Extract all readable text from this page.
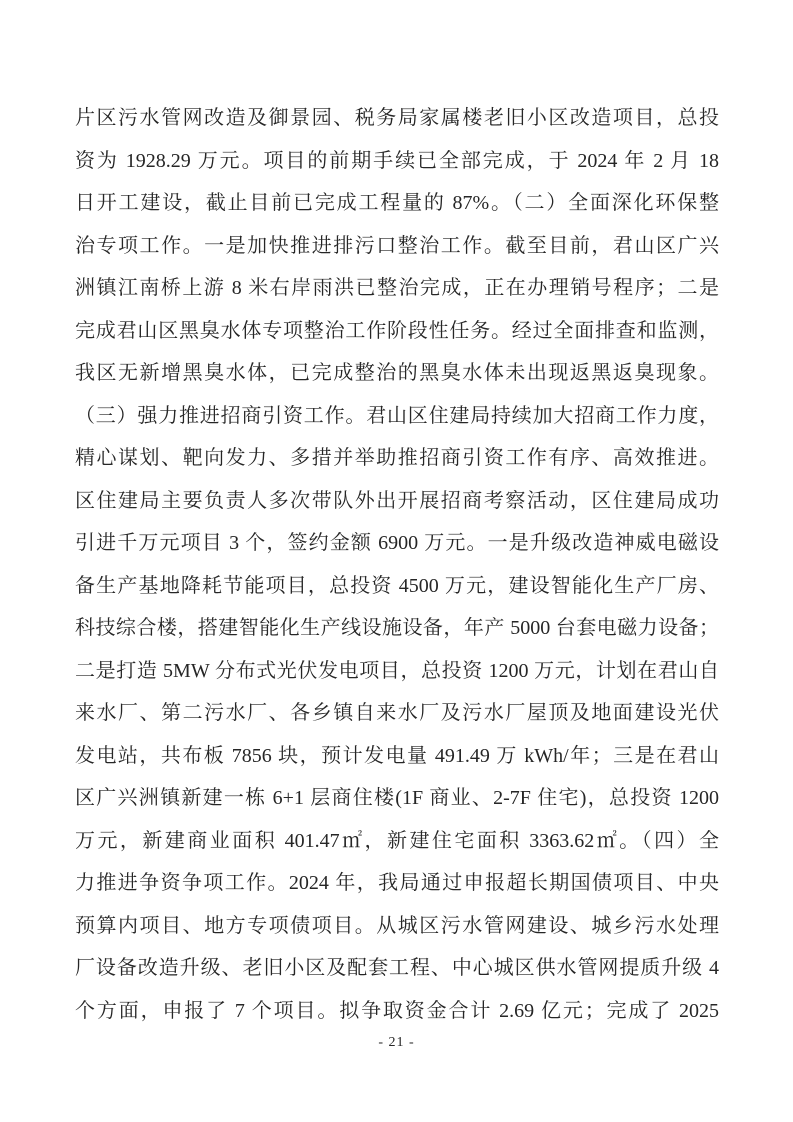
片区污水管网改造及御景园、税务局家属楼老旧小区改造项目，总投

资为 1928.29 万元。项目的前期手续已全部完成，于 2024 年 2 月 18

日开工建设，截止目前已完成工程量的 87%。（二）全面深化环保整

治专项工作。一是加快推进排污口整治工作。截至目前，君山区广兴

洲镇江南桥上游 8 米右岸雨洪已整治完成，正在办理销号程序；二是

完成君山区黑臭水体专项整治工作阶段性任务。经过全面排查和监测，

我区无新增黑臭水体，已完成整治的黑臭水体未出现返黑返臭现象。

（三）强力推进招商引资工作。君山区住建局持续加大招商工作力度，

精心谋划、靶向发力、多措并举助推招商引资工作有序、高效推进。

区住建局主要负责人多次带队外出开展招商考察活动，区住建局成功

引进千万元项目 3 个，签约金额 6900 万元。一是升级改造神威电磁设

备生产基地降耗节能项目，总投资 4500 万元，建设智能化生产厂房、

科技综合楼，搭建智能化生产线设施设备，年产 5000 台套电磁力设备；

二是打造 5MW 分布式光伏发电项目，总投资 1200 万元，计划在君山自

来水厂、第二污水厂、各乡镇自来水厂及污水厂屋顶及地面建设光伏

发电站，共布板 7856 块，预计发电量 491.49 万 kWh/年；三是在君山

区广兴洲镇新建一栋 6+1 层商住楼(1F 商业、2-7F 住宅)，总投资 1200

万元，新建商业面积 401.47㎡，新建住宅面积 3363.62㎡。（四）全

力推进争资争项工作。2024 年，我局通过申报超长期国债项目、中央

预算内项目、地方专项债项目。从城区污水管网建设、城乡污水处理

厂设备改造升级、老旧小区及配套工程、中心城区供水管网提质升级 4

个方面，申报了 7 个项目。拟争取资金合计 2.69 亿元；完成了 2025

- 21 -
